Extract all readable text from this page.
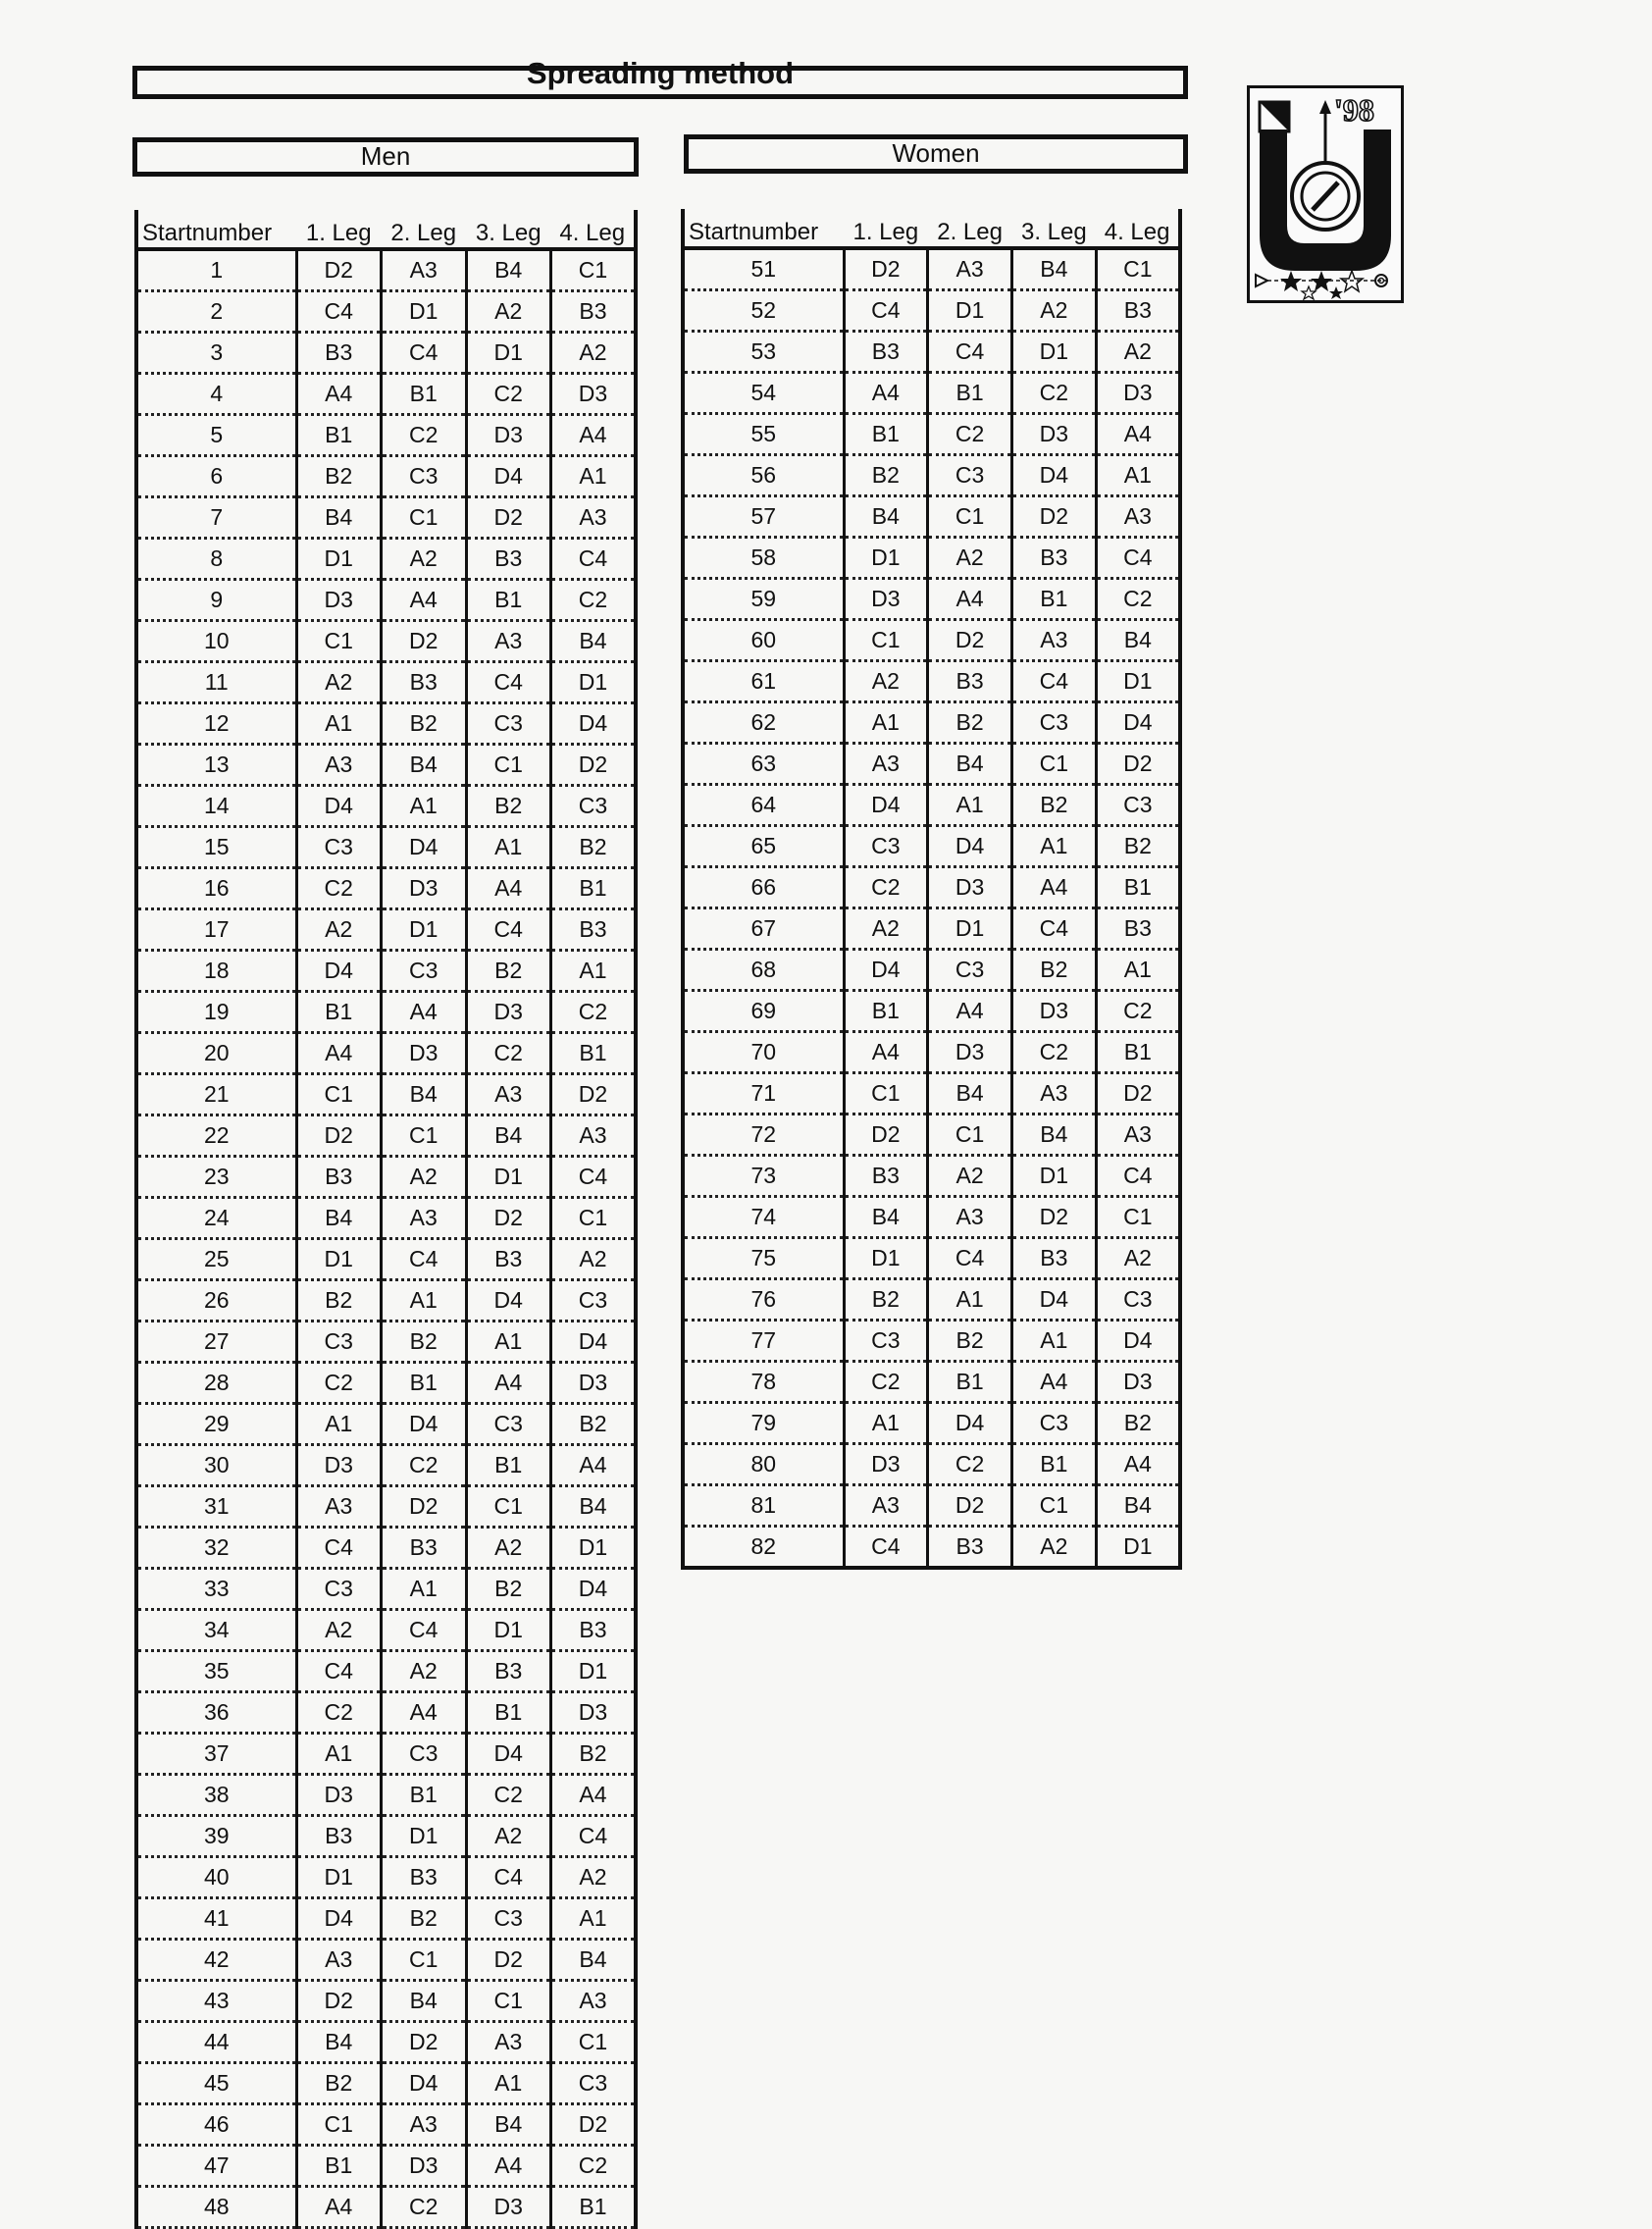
Spreading method
Men	Women
Startnumber	1. Leg	2. Leg	3. Leg	4. Leg
1	D2	A3	B4	C1
2	C4	D1	A2	B3
3	B3	C4	D1	A2
4	A4	B1	C2	D3
5	B1	C2	D3	A4
6	B2	C3	D4	A1
7	B4	C1	D2	A3
8	D1	A2	B3	C4
9	D3	A4	B1	C2
10	C1	D2	A3	B4
11	A2	B3	C4	D1
12	A1	B2	C3	D4
13	A3	B4	C1	D2
14	D4	A1	B2	C3
15	C3	D4	A1	B2
16	C2	D3	A4	B1
17	A2	D1	C4	B3
18	D4	C3	B2	A1
19	B1	A4	D3	C2
20	A4	D3	C2	B1
21	C1	B4	A3	D2
22	D2	C1	B4	A3
23	B3	A2	D1	C4
24	B4	A3	D2	C1
25	D1	C4	B3	A2
26	B2	A1	D4	C3
27	C3	B2	A1	D4
28	C2	B1	A4	D3
29	A1	D4	C3	B2
30	D3	C2	B1	A4
31	A3	D2	C1	B4
32	C4	B3	A2	D1
33	C3	A1	B2	D4
34	A2	C4	D1	B3
35	C4	A2	B3	D1
36	C2	A4	B1	D3
37	A1	C3	D4	B2
38	D3	B1	C2	A4
39	B3	D1	A2	C4
40	D1	B3	C4	A2
41	D4	B2	C3	A1
42	A3	C1	D2	B4
43	D2	B4	C1	A3
44	B4	D2	A3	C1
45	B2	D4	A1	C3
46	C1	A3	B4	D2
47	B1	D3	A4	C2
48	A4	C2	D3	B1
Startnumber	1. Leg	2. Leg	3. Leg	4. Leg
51	D2	A3	B4	C1
52	C4	D1	A2	B3
53	B3	C4	D1	A2
54	A4	B1	C2	D3
55	B1	C2	D3	A4
56	B2	C3	D4	A1
57	B4	C1	D2	A3
58	D1	A2	B3	C4
59	D3	A4	B1	C2
60	C1	D2	A3	B4
61	A2	B3	C4	D1
62	A1	B2	C3	D4
63	A3	B4	C1	D2
64	D4	A1	B2	C3
65	C3	D4	A1	B2
66	C2	D3	A4	B1
67	A2	D1	C4	B3
68	D4	C3	B2	A1
69	B1	A4	D3	C2
70	A4	D3	C2	B1
71	C1	B4	A3	D2
72	D2	C1	B4	A3
73	B3	A2	D1	C4
74	B4	A3	D2	C1
75	D1	C4	B3	A2
76	B2	A1	D4	C3
77	C3	B2	A1	D4
78	C2	B1	A4	D3
79	A1	D4	C3	B2
80	D3	C2	B1	A4
81	A3	D2	C1	B4
82	C4	B3	A2	D1
'98
